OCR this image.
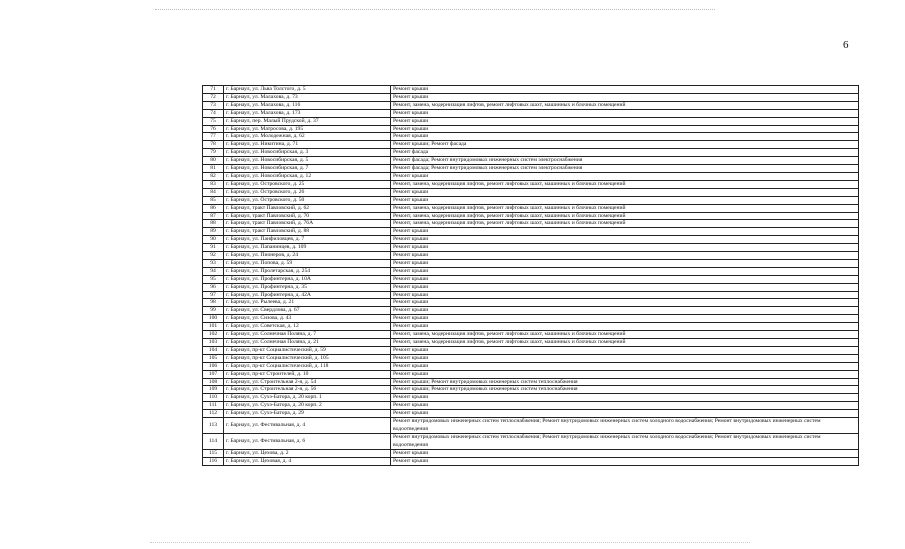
6
71	г. Барнаул, ул. Льва Толстого, д. 5	Ремонт крыши
72	г. Барнаул, ул. Малахова, д. 73	Ремонт крыши
73	г. Барнаул, ул. Малахова, д. 116	Ремонт, замена, модернизация лифтов, ремонт лифтовых шахт, машинных и блочных помещений
74	г. Барнаул, ул. Малахова, д. 173	Ремонт крыши
75	г. Барнаул, пер. Малый Прудской, д. 37	Ремонт крыши
76	г. Барнаул, ул. Матросова, д. 195	Ремонт крыши
77	г. Барнаул, ул. Молодежная, д. 62	Ремонт крыши
78	г. Барнаул, ул. Никитина, д. 71	Ремонт крыши; Ремонт фасада
79	г. Барнаул, ул. Новосибирская, д. 3	Ремонт фасада
80	г. Барнаул, ул. Новосибирская, д. 5	Ремонт фасада; Ремонт внутридомовых инженерных систем электроснабжения
81	г. Барнаул, ул. Новосибирская, д. 7	Ремонт фасада; Ремонт внутридомовых инженерных систем электроснабжения
82	г. Барнаул, ул. Новосибирская, д. 12	Ремонт крыши
83	г. Барнаул, ул. Островского, д. 25	Ремонт, замена, модернизация лифтов, ремонт лифтовых шахт, машинных и блочных помещений
84	г. Барнаул, ул. Островского, д. 26	Ремонт крыши
85	г. Барнаул, ул. Островского, д. 50	Ремонт крыши
86	г. Барнаул, тракт Павловский, д. 62	Ремонт, замена, модернизация лифтов, ремонт лифтовых шахт, машинных и блочных помещений
87	г. Барнаул, тракт Павловский, д. 70	Ремонт, замена, модернизация лифтов, ремонт лифтовых шахт, машинных и блочных помещений
88	г. Барнаул, тракт Павловский, д. 76А	Ремонт, замена, модернизация лифтов, ремонт лифтовых шахт, машинных и блочных помещений
89	г. Барнаул, тракт Павловский, д. 88	Ремонт крыши
90	г. Барнаул, ул. Панфиловцев, д. 7	Ремонт крыши
91	г. Барнаул, ул. Папанинцев, д. 109	Ремонт крыши
92	г. Барнаул, ул. Пионеров, д. 24	Ремонт крыши
93	г. Барнаул, ул. Попова, д. 59	Ремонт крыши
94	г. Барнаул, ул. Пролетарская, д. 254	Ремонт крыши
95	г. Барнаул, ул. Профинтерна, д. 10А	Ремонт крыши
96	г. Барнаул, ул. Профинтерна, д. 35	Ремонт крыши
97	г. Барнаул, ул. Профинтерна, д. 42А	Ремонт крыши
98	г. Барнаул, ул. Рылеева, д. 21	Ремонт крыши
99	г. Барнаул, ул. Свердлова, д. 67	Ремонт крыши
100	г. Барнаул, ул. Сизова, д. 43	Ремонт крыши
101	г. Барнаул, ул. Советская, д. 12	Ремонт крыши
102	г. Барнаул, ул. Солнечная Поляна, д. 7	Ремонт, замена, модернизация лифтов, ремонт лифтовых шахт, машинных и блочных помещений
103	г. Барнаул, ул. Солнечная Поляна, д. 21	Ремонт, замена, модернизация лифтов, ремонт лифтовых шахт, машинных и блочных помещений
104	г. Барнаул, пр-кт Социалистический, д. 59	Ремонт крыши
105	г. Барнаул, пр-кт Социалистический, д. 105	Ремонт крыши
106	г. Барнаул, пр-кт Социалистический, д. 118	Ремонт крыши
107	г. Барнаул, пр-кт Строителей, д. 10	Ремонт крыши
108	г. Барнаул, ул. Строительная 2-я, д. 54	Ремонт крыши; Ремонт внутридомовых инженерных систем теплоснабжения
109	г. Барнаул, ул. Строительная 2-я, д. 56	Ремонт крыши; Ремонт внутридомовых инженерных систем теплоснабжения
110	г. Барнаул, ул. Сухэ-Батора, д. 20 корп. 1	Ремонт крыши
111	г. Барнаул, ул. Сухэ-Батора, д. 20 корп. 2	Ремонт крыши
112	г. Барнаул, ул. Сухэ-Батора, д. 29	Ремонт крыши
113	г. Барнаул, ул. Фестивальная, д. 4	Ремонт внутридомовых инженерных систем теплоснабжения; Ремонт внутридомовых инженерных систем холодного водоснабжения; Ремонт внутридомовых инженерных систем водоотведения
114	г. Барнаул, ул. Фестивальная, д. 6	Ремонт внутридомовых инженерных систем теплоснабжения; Ремонт внутридомовых инженерных систем холодного водоснабжения; Ремонт внутридомовых инженерных систем водоотведения
115	г. Барнаул, ул. Цехова, д. 2	Ремонт крыши
116	г. Барнаул, ул. Цеховая, д. 4	Ремонт крыши
